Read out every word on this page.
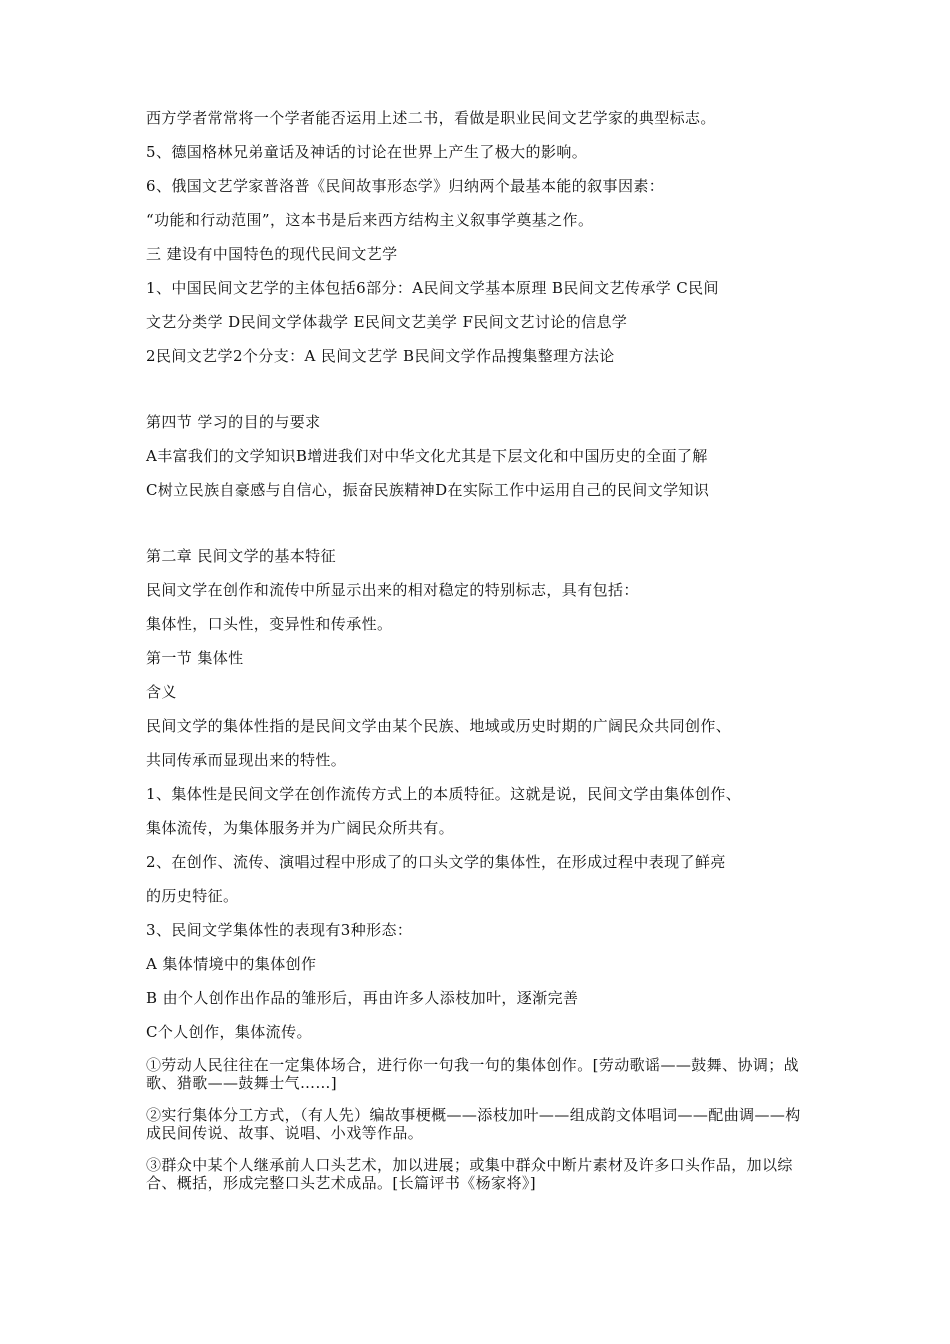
西方学者常常将一个学者能否运用上述二书，看做是职业民间文艺学家的典型标志。
5、德国格林兄弟童话及神话的讨论在世界上产生了极大的影响。
6、俄国文艺学家普洛普《民间故事形态学》归纳两个最基本能的叙事因素：
“功能和行动范围”，这本书是后来西方结构主义叙事学奠基之作。
三 建设有中国特色的现代民间文艺学
1、中国民间文艺学的主体包括6部分：A民间文学基本原理 B民间文艺传承学 C民间
文艺分类学 D民间文学体裁学 E民间文艺美学 F民间文艺讨论的信息学
2民间文艺学2个分支：A 民间文艺学 B民间文学作品搜集整理方法论
第四节 学习的目的与要求
A丰富我们的文学知识B增进我们对中华文化尤其是下层文化和中国历史的全面了解
C树立民族自豪感与自信心，振奋民族精神D在实际工作中运用自己的民间文学知识
第二章 民间文学的基本特征
民间文学在创作和流传中所显示出来的相对稳定的特别标志，具有包括：
集体性，口头性，变异性和传承性。
第一节 集体性
含义
民间文学的集体性指的是民间文学由某个民族、地域或历史时期的广阔民众共同创作、
共同传承而显现出来的特性。
1、集体性是民间文学在创作流传方式上的本质特征。这就是说，民间文学由集体创作、
集体流传，为集体服务并为广阔民众所共有。
2、在创作、流传、演唱过程中形成了的口头文学的集体性，在形成过程中表现了鲜亮
的历史特征。
3、民间文学集体性的表现有3种形态：
A 集体情境中的集体创作
B 由个人创作出作品的雏形后，再由许多人添枝加叶，逐渐完善
C个人创作，集体流传。
①劳动人民往往在一定集体场合，进行你一句我一句的集体创作。[劳动歌谣——鼓舞、协调；战歌、猎歌——鼓舞士气……]
②实行集体分工方式，（有人先）编故事梗概——添枝加叶——组成韵文体唱词——配曲调——构成民间传说、故事、说唱、小戏等作品。
③群众中某个人继承前人口头艺术，加以进展；或集中群众中断片素材及许多口头作品，加以综合、概括，形成完整口头艺术成品。[长篇评书《杨家将》]
